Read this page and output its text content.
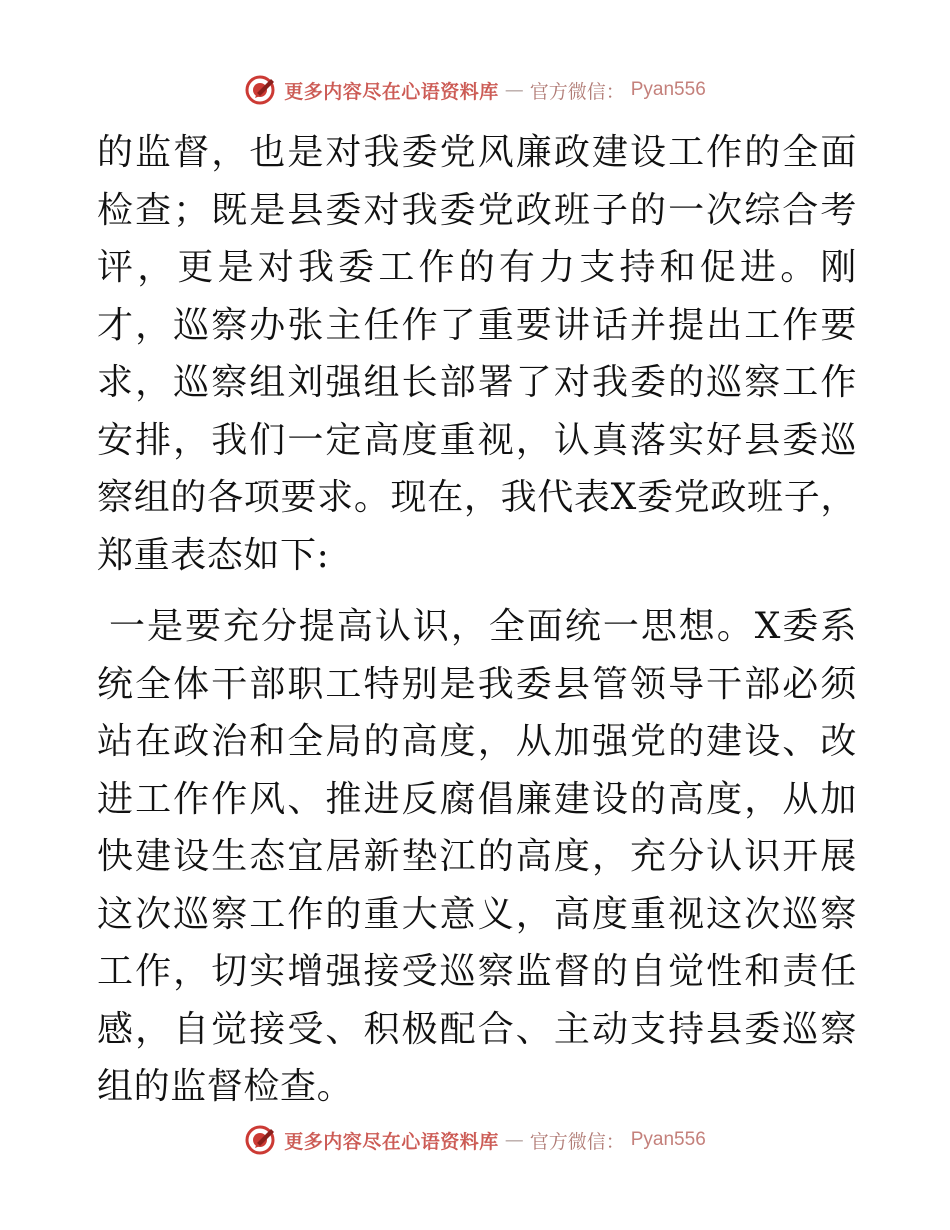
更多内容尽在心语资料库 — 官方微信： Pyan556

的监督，也是对我委党风廉政建设工作的全面检查；既是县委对我委党政班子的一次综合考评，更是对我委工作的有力支持和促进。刚才，巡察办张主任作了重要讲话并提出工作要求，巡察组刘强组长部署了对我委的巡察工作安排，我们一定高度重视，认真落实好县委巡察组的各项要求。现在，我代表X委党政班子，郑重表态如下:

一是要充分提高认识，全面统一思想。X委系统全体干部职工特别是我委县管领导干部必须站在政治和全局的高度，从加强党的建设、改进工作作风、推进反腐倡廉建设的高度，从加快建设生态宜居新垫江的高度，充分认识开展这次巡察工作的重大意义，高度重视这次巡察工作，切实增强接受巡察监督的自觉性和责任感，自觉接受、积极配合、主动支持县委巡察组的监督检查。

更多内容尽在心语资料库 — 官方微信： Pyan556
